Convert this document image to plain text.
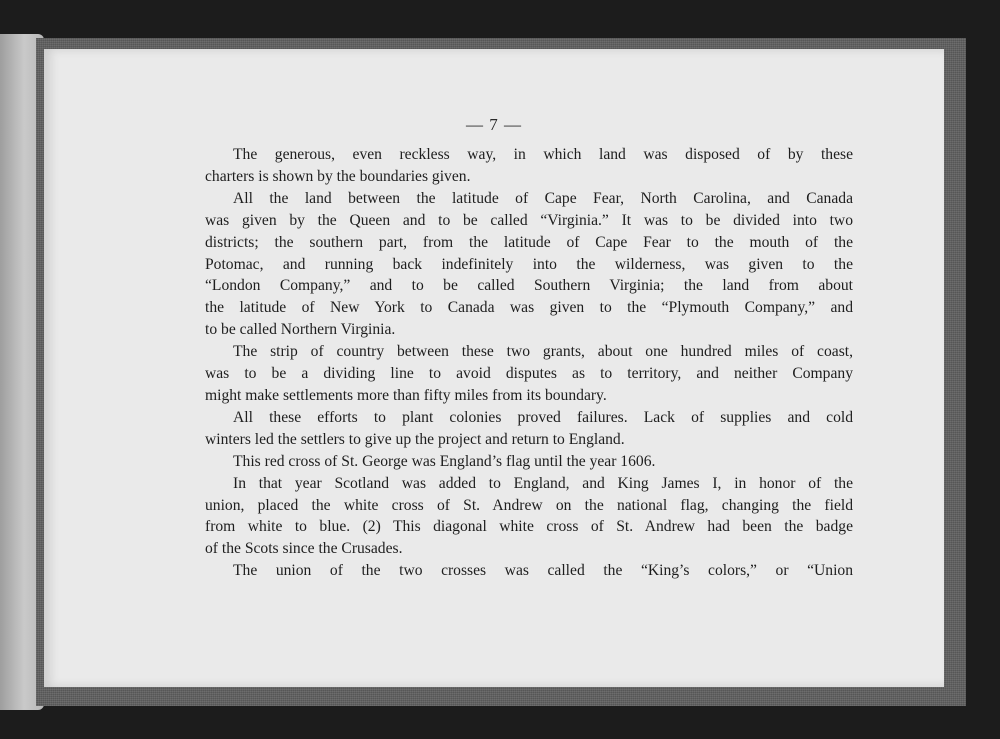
— 7 —
The generous, even reckless way, in which land was disposed of by these
charters is shown by the boundaries given.
All the land between the latitude of Cape Fear, North Carolina, and Canada
was given by the Queen and to be called “Virginia.” It was to be divided into two
districts; the southern part, from the latitude of Cape Fear to the mouth of the
Potomac, and running back indefinitely into the wilderness, was given to the
“London Company,” and to be called Southern Virginia; the land from about
the latitude of New York to Canada was given to the “Plymouth Company,” and
to be called Northern Virginia.
The strip of country between these two grants, about one hundred miles of coast,
was to be a dividing line to avoid disputes as to territory, and neither Company
might make settlements more than fifty miles from its boundary.
All these efforts to plant colonies proved failures. Lack of supplies and cold
winters led the settlers to give up the project and return to England.
This red cross of St. George was England’s flag until the year 1606.
In that year Scotland was added to England, and King James I, in honor of the
union, placed the white cross of St. Andrew on the national flag, changing the field
from white to blue. (2) This diagonal white cross of St. Andrew had been the badge
of the Scots since the Crusades.
The union of the two crosses was called the “King’s colors,” or “Union
